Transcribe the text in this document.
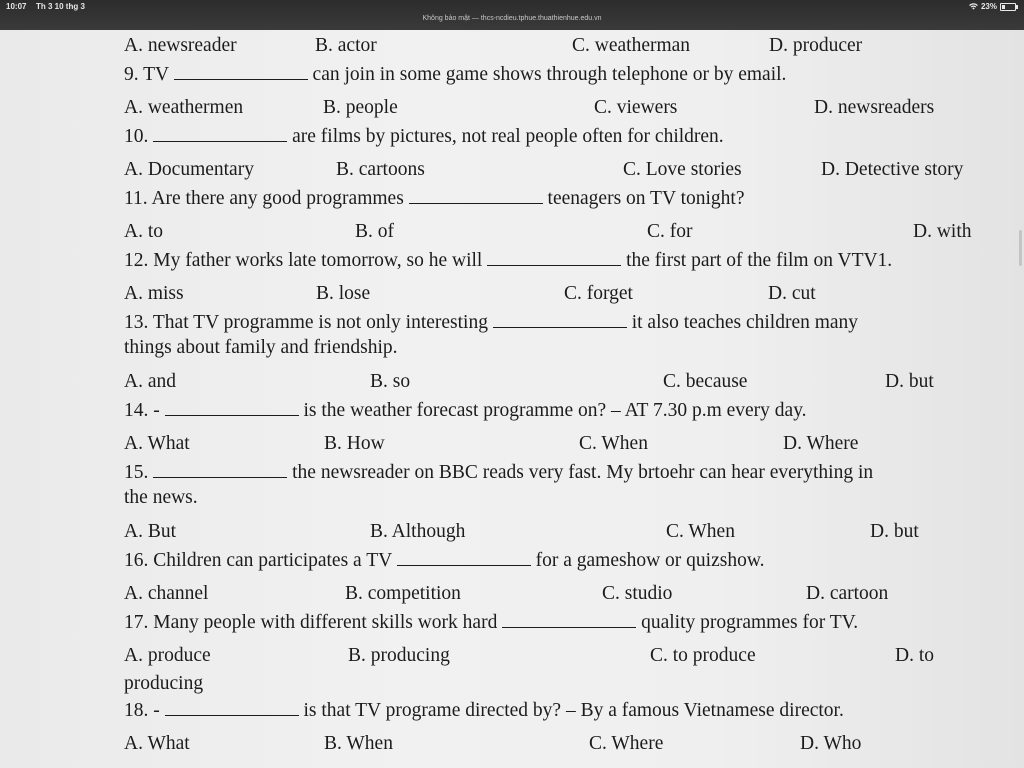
10:07 Th 3 10 thg 3
Không bảo mật — thcs-ncdieu.tphue.thuathienhue.edu.vn
23%
A. newsreader	B. actor	C. weatherman	D. producer
9. TV	can join in some game shows through telephone or by email.
A. weathermen	B. people	C. viewers	D. newsreaders
10.	are films by pictures, not real people often for children.
A. Documentary	B. cartoons	C. Love stories	D. Detective story
11. Are there any good programmes	teenagers on TV tonight?
A. to	B. of	C. for	D. with
12. My father works late tomorrow, so he will	the first part of the film on VTV1.
A. miss	B. lose	C. forget	D. cut
13. That TV programme is not only interesting	it also teaches children many
things about family and friendship.
A. and	B. so	C. because	D. but
14. -	is the weather forecast programme on? – AT 7.30 p.m every day.
A. What	B. How	C. When	D. Where
15.	the newsreader on BBC reads very fast. My brtoehr can hear everything in
the news.
A. But	B. Although	C. When	D. but
16. Children can participates a TV	for a gameshow or quizshow.
A. channel	B. competition	C. studio	D. cartoon
17. Many people with different skills work hard	quality programmes for TV.
A. produce	B. producing	C. to produce	D. to
producing
18. -	is that TV programe directed by? – By a famous Vietnamese director.
A. What	B. When	C. Where	D. Who
